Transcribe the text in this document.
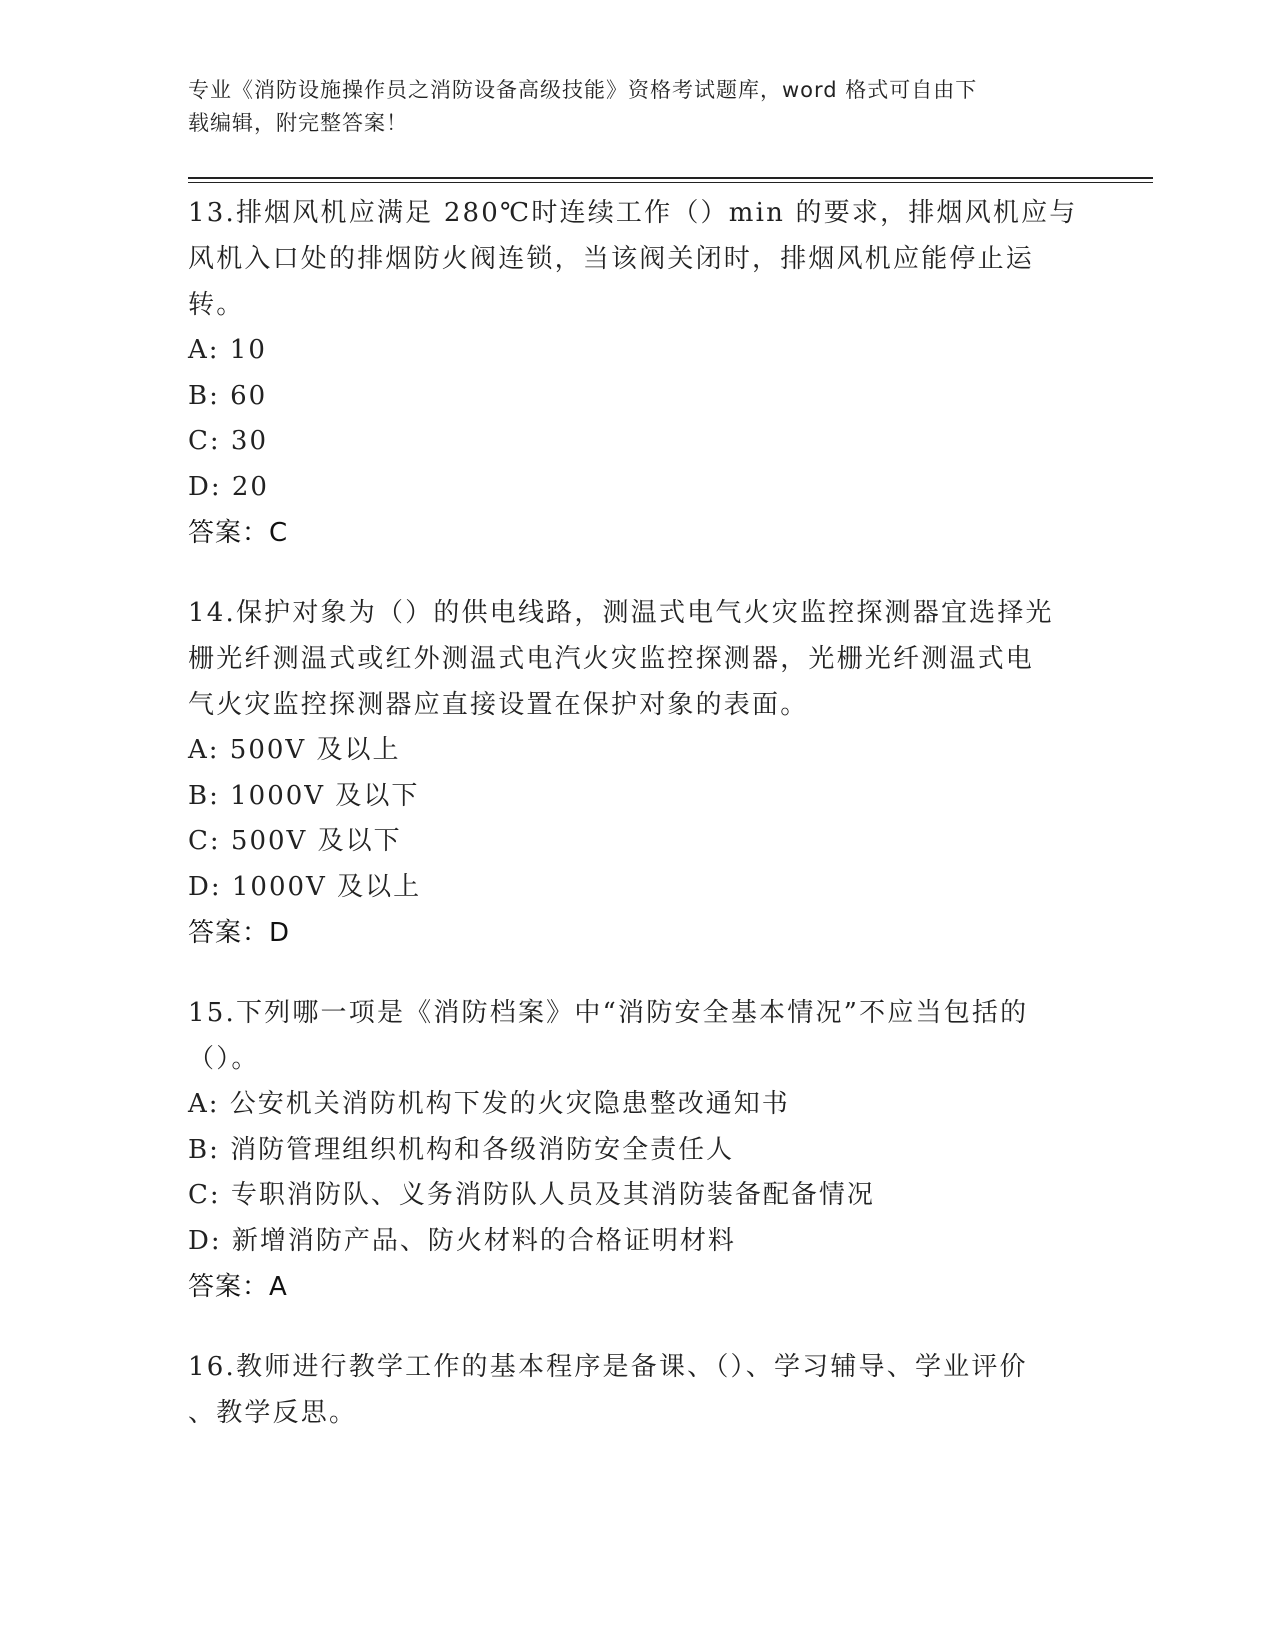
专业《消防设施操作员之消防设备高级技能》资格考试题库，word 格式可自由下
载编辑，附完整答案！
13.排烟风机应满足 280℃时连续工作（）min 的要求，排烟风机应与
风机入口处的排烟防火阀连锁，当该阀关闭时，排烟风机应能停止运
转。
A: 10
B: 60
C: 30
D: 20
答案：C
14.保护对象为（）的供电线路，测温式电气火灾监控探测器宜选择光
栅光纤测温式或红外测温式电汽火灾监控探测器，光栅光纤测温式电
气火灾监控探测器应直接设置在保护对象的表面。
A: 500V 及以上
B: 1000V 及以下
C: 500V 及以下
D: 1000V 及以上
答案：D
15.下列哪一项是《消防档案》中“消防安全基本情况”不应当包括的
（）。
A: 公安机关消防机构下发的火灾隐患整改通知书
B: 消防管理组织机构和各级消防安全责任人
C: 专职消防队、义务消防队人员及其消防装备配备情况
D: 新增消防产品、防火材料的合格证明材料
答案：A
16.教师进行教学工作的基本程序是备课、（）、学习辅导、学业评价
、教学反思。
